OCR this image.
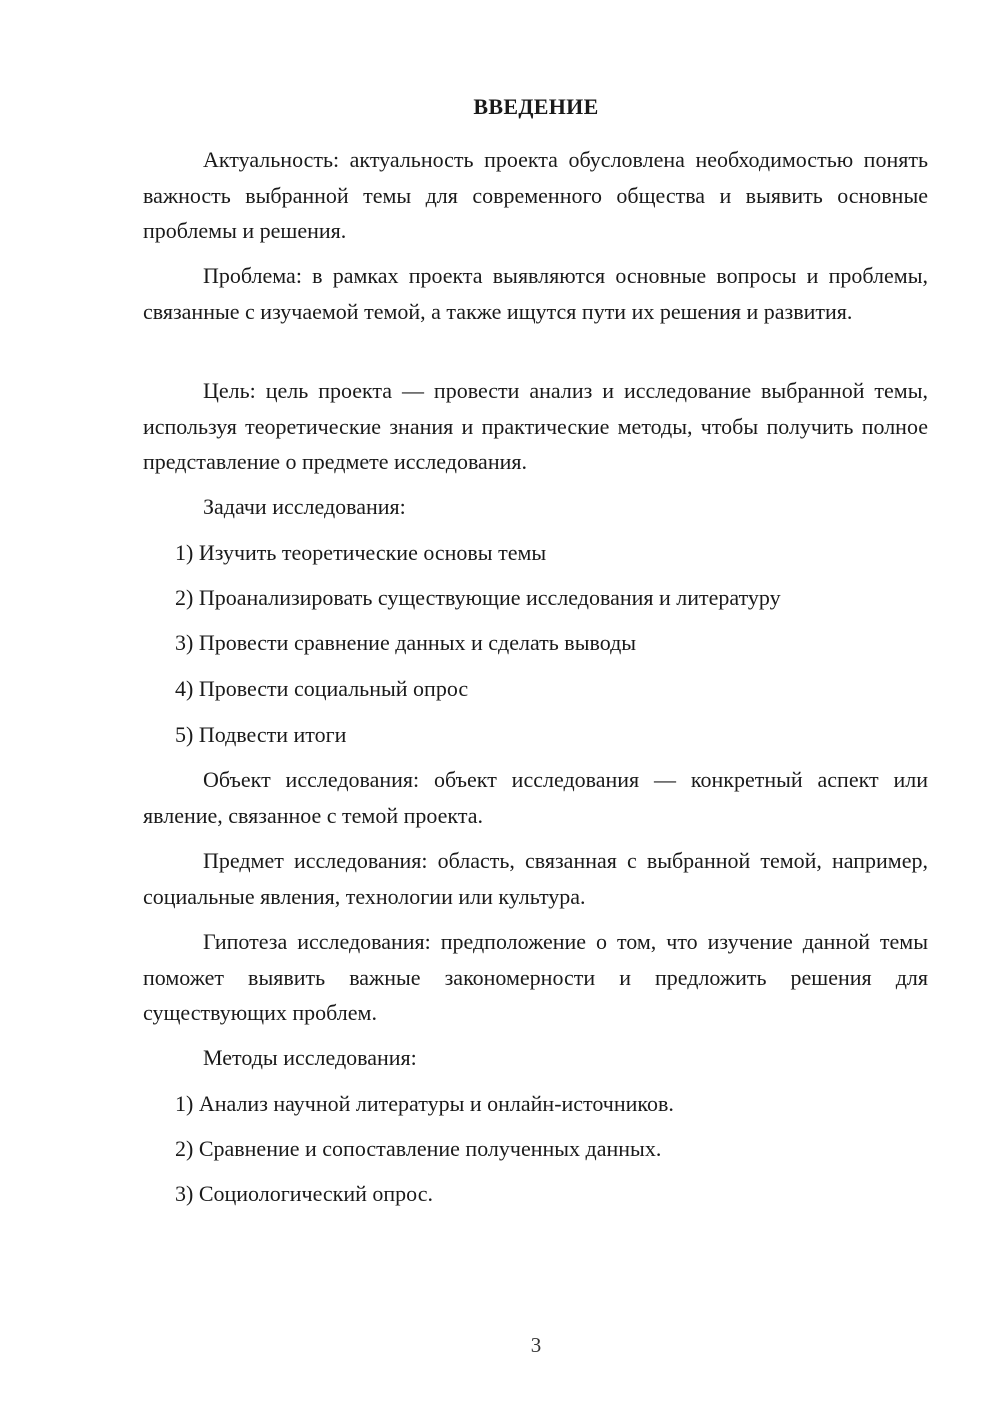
ВВЕДЕНИЕ

Актуальность: актуальность проекта обусловлена необходимостью понять важность выбранной темы для современного общества и выявить основные проблемы и решения.

Проблема: в рамках проекта выявляются основные вопросы и проблемы, связанные с изучаемой темой, а также ищутся пути их решения и развития.

Цель: цель проекта — провести анализ и исследование выбранной темы, используя теоретические знания и практические методы, чтобы получить полное представление о предмете исследования.

Задачи исследования:

1) Изучить теоретические основы темы

2) Проанализировать существующие исследования и литературу

3) Провести сравнение данных и сделать выводы

4) Провести социальный опрос

5) Подвести итоги

Объект исследования: объект исследования — конкретный аспект или явление, связанное с темой проекта.

Предмет исследования: область, связанная с выбранной темой, например, социальные явления, технологии или культура.

Гипотеза исследования: предположение о том, что изучение данной темы поможет выявить важные закономерности и предложить решения для существующих проблем.

Методы исследования:

1) Анализ научной литературы и онлайн-источников.

2) Сравнение и сопоставление полученных данных.

3) Социологический опрос.

3
